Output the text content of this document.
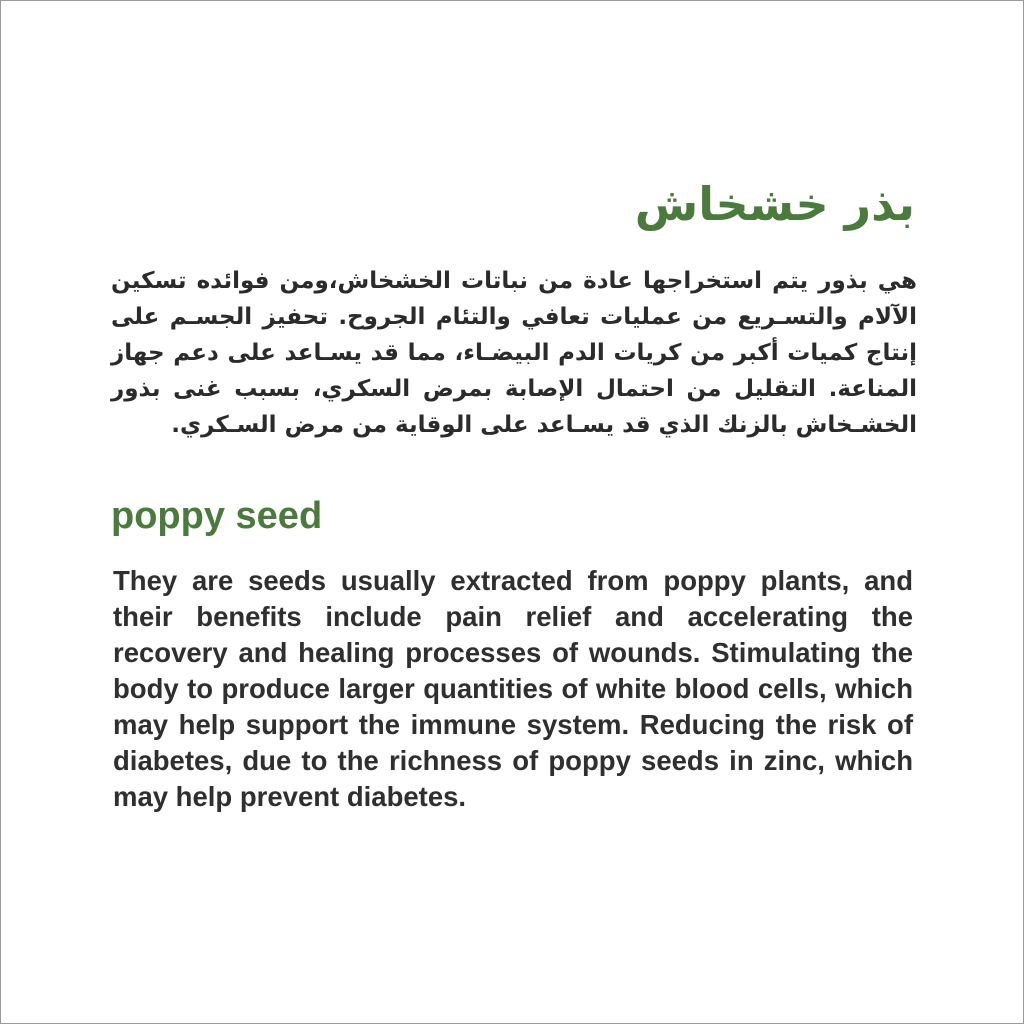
بذر خشخاش

هي بذور يتم استخراجها عادة من نباتات الخشخاش،ومن فوائده تسكين الآلام والتسـريع من عمليات تعافي والتئام الجروح. تحفيز الجسـم على إنتاج كميات أكبر من كريات الدم البيضـاء، مما قد يسـاعد على دعم جهاز المناعة. التقليل من احتمال الإصابة بمرض السكري، بسبب غنى بذور الخشـخاش بالزنك الذي قد يسـاعد على الوقاية من مرض السـكري.

poppy seed

They are seeds usually extracted from poppy plants, and their benefits include pain relief and accelerating the recovery and healing processes of wounds. Stimulating the body to produce larger quantities of white blood cells, which may help support the immune system. Reducing the risk of diabetes, due to the richness of poppy seeds in zinc, which may help prevent diabetes.
